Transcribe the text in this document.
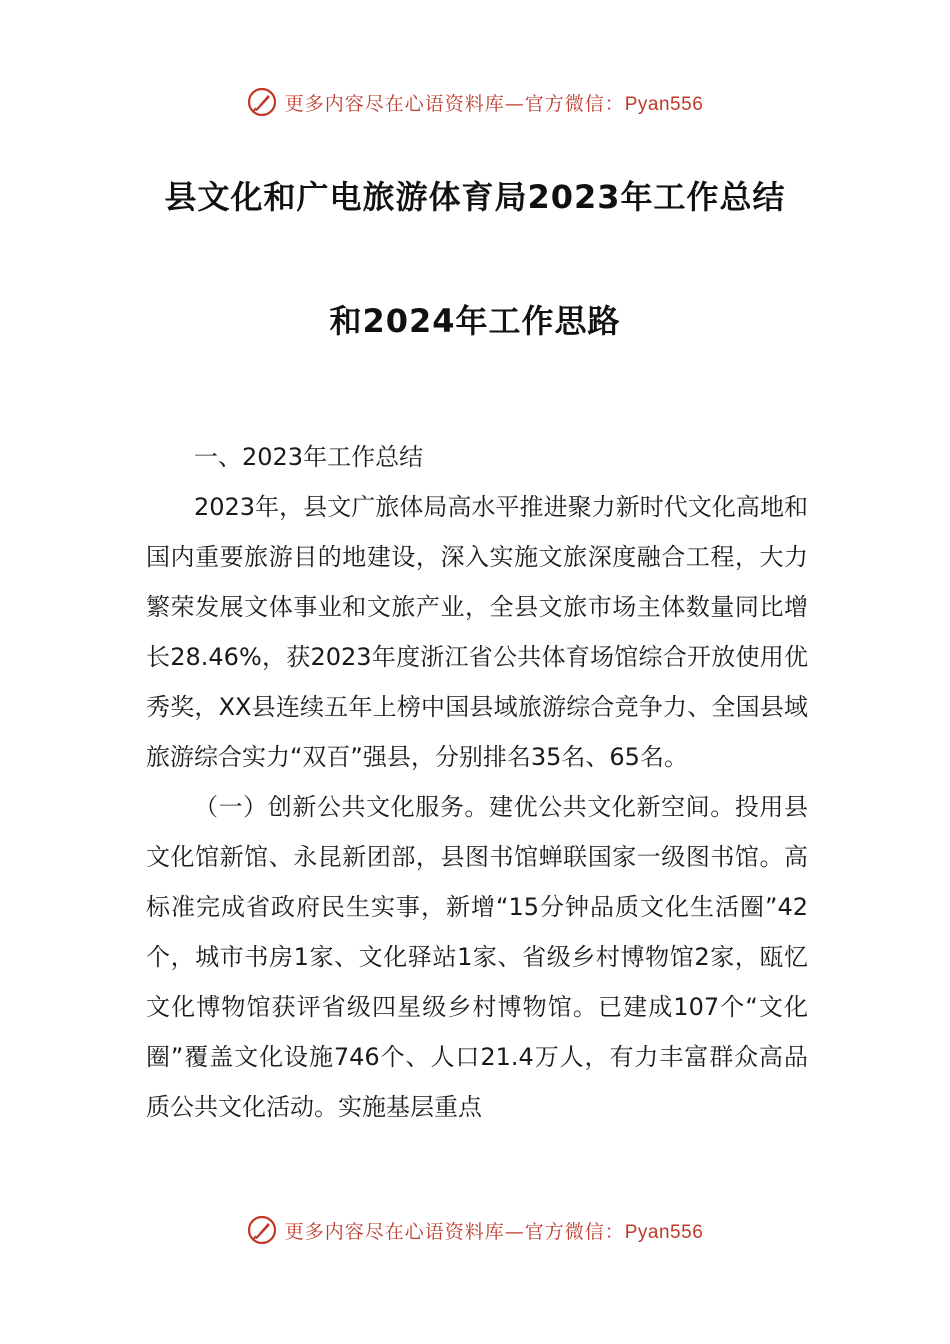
更多内容尽在心语资料库—官方微信：Pyan556
县文化和广电旅游体育局2023年工作总结
和2024年工作思路

一、2023年工作总结

2023年，县文广旅体局高水平推进聚力新时代文化高地和国内重要旅游目的地建设，深入实施文旅深度融合工程，大力繁荣发展文体事业和文旅产业，全县文旅市场主体数量同比增长28.46%，获2023年度浙江省公共体育场馆综合开放使用优秀奖，XX县连续五年上榜中国县域旅游综合竞争力、全国县域旅游综合实力“双百”强县，分别排名35名、65名。

（一）创新公共文化服务。建优公共文化新空间。投用县文化馆新馆、永昆新团部，县图书馆蝉联国家一级图书馆。高标准完成省政府民生实事，新增“15分钟品质文化生活圈”42个，城市书房1家、文化驿站1家、省级乡村博物馆2家，瓯忆文化博物馆获评省级四星级乡村博物馆。已建成107个“文化圈”覆盖文化设施746个、人口21.4万人，有力丰富群众高品质公共文化活动。实施基层重点

更多内容尽在心语资料库—官方微信：Pyan556
